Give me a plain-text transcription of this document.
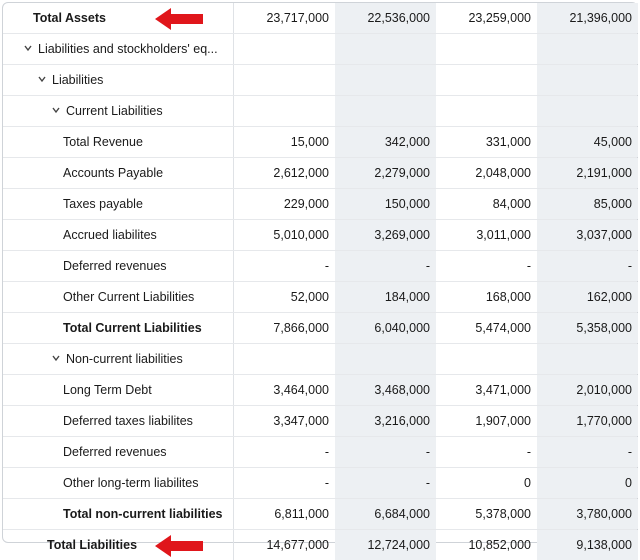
Total Assets	23,717,000	22,536,000	23,259,000	21,396,000
Liabilities and stockholders' eq...
Liabilities
Current Liabilities
Total Revenue	15,000	342,000	331,000	45,000
Accounts Payable	2,612,000	2,279,000	2,048,000	2,191,000
Taxes payable	229,000	150,000	84,000	85,000
Accrued liabilites	5,010,000	3,269,000	3,011,000	3,037,000
Deferred revenues	-	-	-	-
Other Current Liabilities	52,000	184,000	168,000	162,000
Total Current Liabilities	7,866,000	6,040,000	5,474,000	5,358,000
Non-current liabilities
Long Term Debt	3,464,000	3,468,000	3,471,000	2,010,000
Deferred taxes liabilites	3,347,000	3,216,000	1,907,000	1,770,000
Deferred revenues	-	-	-	-
Other long-term liabilites	-	-	0	0
Total non-current liabilities	6,811,000	6,684,000	5,378,000	3,780,000
Total Liabilities	14,677,000	12,724,000	10,852,000	9,138,000
